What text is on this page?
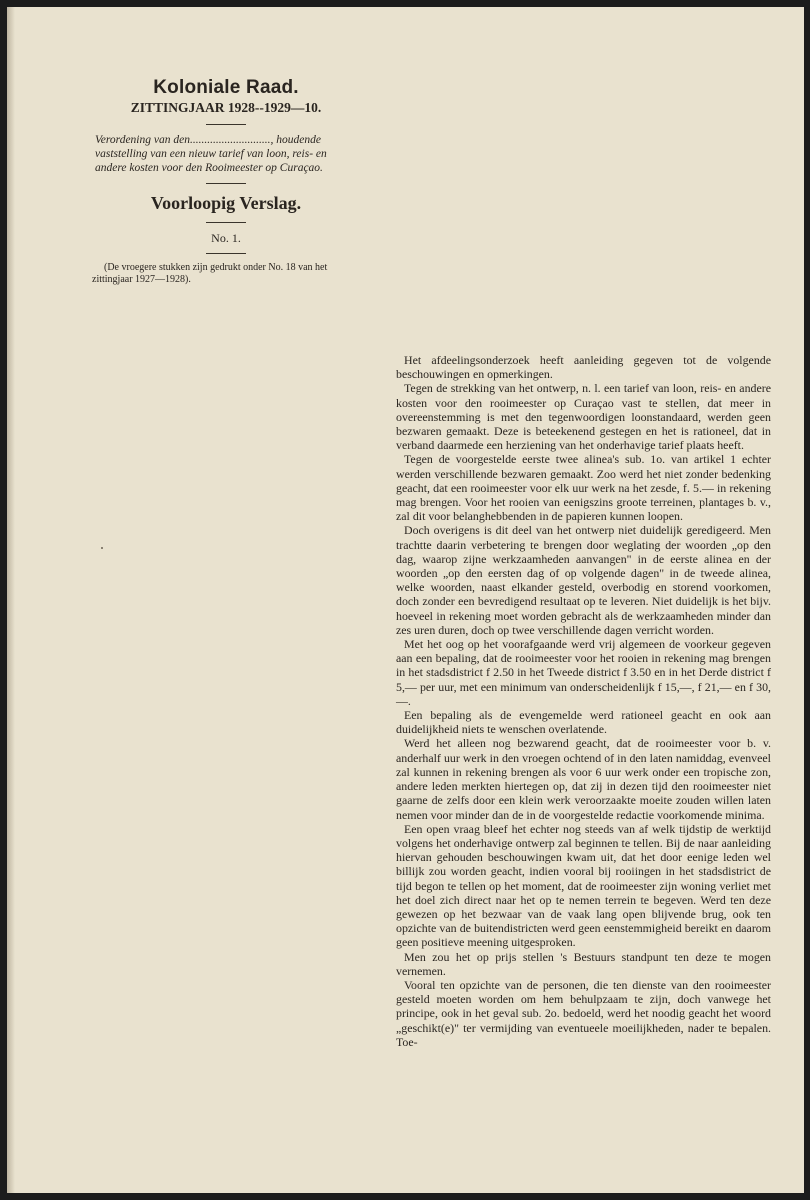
Koloniale Raad.
ZITTINGJAAR 1928--1929—10.
Verordening van den............................, houdende vaststelling van een nieuw tarief van loon, reis- en andere kosten voor den Rooimeester op Curaçao.
Voorloopig Verslag.

No. 1.

(De vroegere stukken zijn gedrukt onder No. 18 van het zittingjaar 1927—1928).

Het afdeelingsonderzoek heeft aanleiding gegeven tot de volgende beschouwingen en opmerkingen.

Tegen de strekking van het ontwerp, n. l. een tarief van loon, reis- en andere kosten voor den rooimeester op Curaçao vast te stellen, dat meer in overeenstemming is met den tegenwoordigen loonstandaard, werden geen bezwaren gemaakt. Deze is beteekenend gestegen en het is rationeel, dat in verband daarmede een herziening van het onderhavige tarief plaats heeft.

Tegen de voorgestelde eerste twee alinea's sub. 1o. van artikel 1 echter werden verschillende bezwaren gemaakt. Zoo werd het niet zonder bedenking geacht, dat een rooimeester voor elk uur werk na het zesde, f. 5.— in rekening mag brengen. Voor het rooien van eenigszins groote terreinen, plantages b. v., zal dit voor belanghebbenden in de papieren kunnen loopen.

Doch overigens is dit deel van het ontwerp niet duidelijk geredigeerd. Men trachtte daarin verbetering te brengen door weglating der woorden „op den dag, waarop zijne werkzaamheden aanvangen" in de eerste alinea en der woorden „op den eersten dag of op volgende dagen" in de tweede alinea, welke woorden, naast elkander gesteld, overbodig en storend voorkomen, doch zonder een bevredigend resultaat op te leveren. Niet duidelijk is het bijv. hoeveel in rekening moet worden gebracht als de werkzaamheden minder dan zes uren duren, doch op twee verschillende dagen verricht worden.

Met het oog op het voorafgaande werd vrij algemeen de voorkeur gegeven aan een bepaling, dat de rooimeester voor het rooien in rekening mag brengen in het stadsdistrict f 2.50 in het Tweede district f 3.50 en in het Derde district f 5,— per uur, met een minimum van onderscheidenlijk f 15,—, f 21,— en f 30,—.

Een bepaling als de evengemelde werd rationeel geacht en ook aan duidelijkheid niets te wenschen overlatende.

Werd het alleen nog bezwarend geacht, dat de rooimeester voor b. v. anderhalf uur werk in den vroegen ochtend of in den laten namiddag, evenveel zal kunnen in rekening brengen als voor 6 uur werk onder een tropische zon, andere leden merkten hiertegen op, dat zij in dezen tijd den rooimeester niet gaarne de zelfs door een klein werk veroorzaakte moeite zouden willen laten nemen voor minder dan de in de voorgestelde redactie voorkomende minima.

Een open vraag bleef het echter nog steeds van af welk tijdstip de werktijd volgens het onderhavige ontwerp zal beginnen te tellen. Bij de naar aanleiding hiervan gehouden beschouwingen kwam uit, dat het door eenige leden wel billijk zou worden geacht, indien vooral bij rooiingen in het stadsdistrict de tijd begon te tellen op het moment, dat de rooimeester zijn woning verliet met het doel zich direct naar het op te nemen terrein te begeven. Werd ten deze gewezen op het bezwaar van de vaak lang open blijvende brug, ook ten opzichte van de buitendistricten werd geen eenstemmigheid bereikt en daarom geen positieve meening uitgesproken.

Men zou het op prijs stellen 's Bestuurs standpunt ten deze te mogen vernemen.

Vooral ten opzichte van de personen, die ten dienste van den rooimeester gesteld moeten worden om hem behulpzaam te zijn, doch vanwege het principe, ook in het geval sub. 2o. bedoeld, werd het noodig geacht het woord „geschikt(e)" ter vermijding van eventueele moeilijkheden, nader te bepalen. Toe-
